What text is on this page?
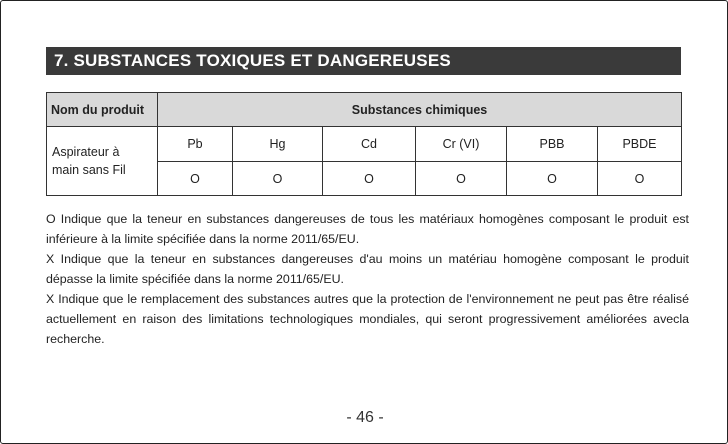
7. SUBSTANCES TOXIQUES ET DANGEREUSES
Nom du produit	Substances chimiques					

Aspirateur à
main sans Fil	Pb	Hg	Cd	Cr (VI)	PBB	PBDE
	O	O	O	O	O	O

O Indique que la teneur en substances dangereuses de tous les matériaux homogènes composant le produit est inférieure à la limite spécifiée dans la norme 2011/65/EU.

X Indique que la teneur en substances dangereuses d'au moins un matériau homogène composant le produit dépasse la limite spécifiée dans la norme 2011/65/EU.

X Indique que le remplacement des substances autres que la protection de l'environnement ne peut pas être réalisé actuellement en raison des limitations technologiques mondiales, qui seront progressivement améliorées avecla recherche.

- 46 -
